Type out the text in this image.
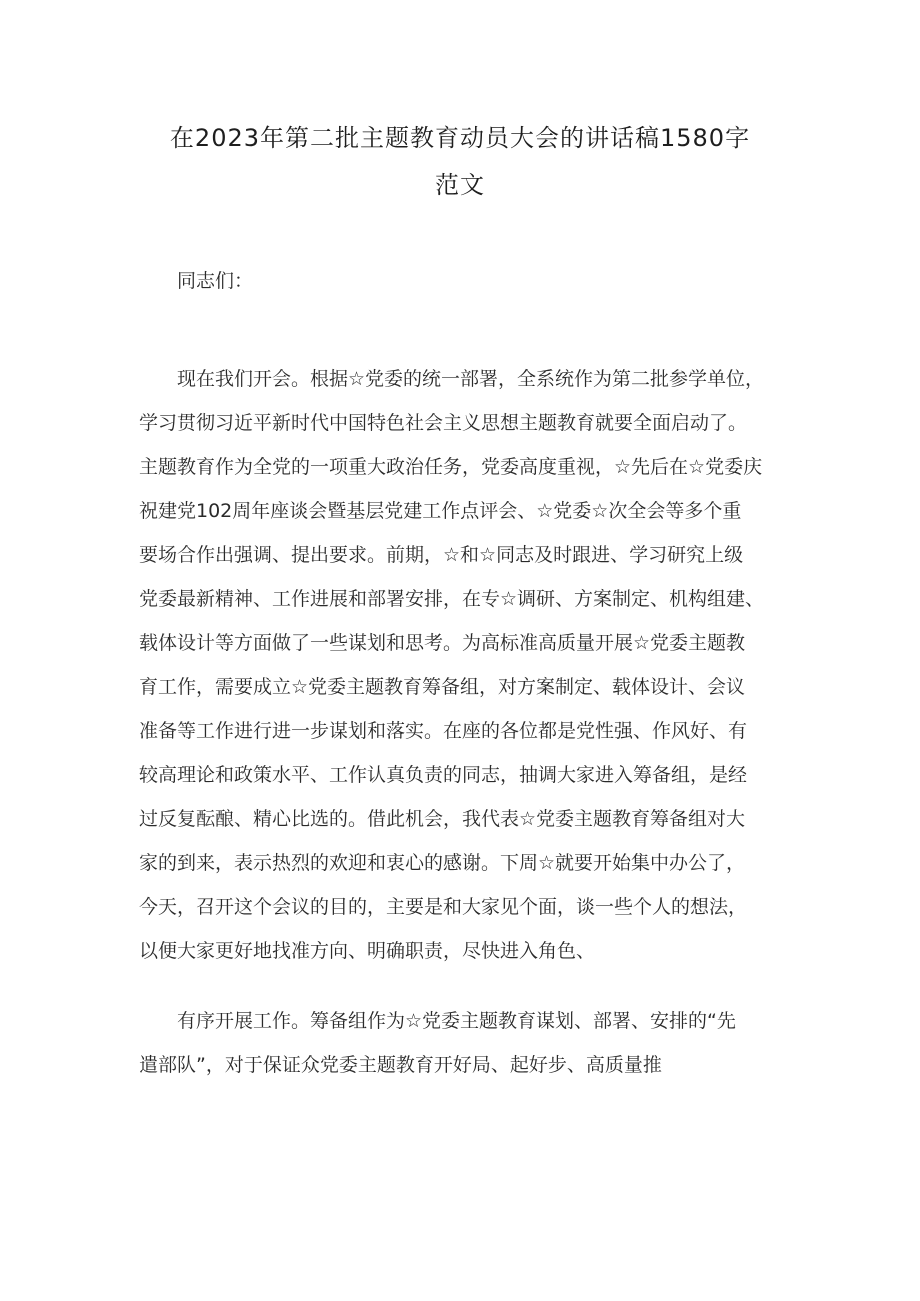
在2023年第二批主题教育动员大会的讲话稿1580字
范文
同志们：
现在我们开会。根据☆党委的统一部署，全系统作为第二批参学单位，
学习贯彻习近平新时代中国特色社会主义思想主题教育就要全面启动了。
主题教育作为全党的一项重大政治任务，党委高度重视，☆先后在☆党委庆
祝建党102周年座谈会暨基层党建工作点评会、☆党委☆次全会等多个重
要场合作出强调、提出要求。前期，☆和☆同志及时跟进、学习研究上级
党委最新精神、工作进展和部署安排，在专☆调研、方案制定、机构组建、
载体设计等方面做了一些谋划和思考。为高标准高质量开展☆党委主题教
育工作，需要成立☆党委主题教育筹备组，对方案制定、载体设计、会议
准备等工作进行进一步谋划和落实。在座的各位都是党性强、作风好、有
较高理论和政策水平、工作认真负责的同志，抽调大家进入筹备组，是经
过反复酝酿、精心比选的。借此机会，我代表☆党委主题教育筹备组对大
家的到来，表示热烈的欢迎和衷心的感谢。下周☆就要开始集中办公了，
今天，召开这个会议的目的，主要是和大家见个面，谈一些个人的想法，
以便大家更好地找准方向、明确职责，尽快进入角色、
有序开展工作。筹备组作为☆党委主题教育谋划、部署、安排的“先
遣部队”，对于保证众党委主题教育开好局、起好步、高质量推
